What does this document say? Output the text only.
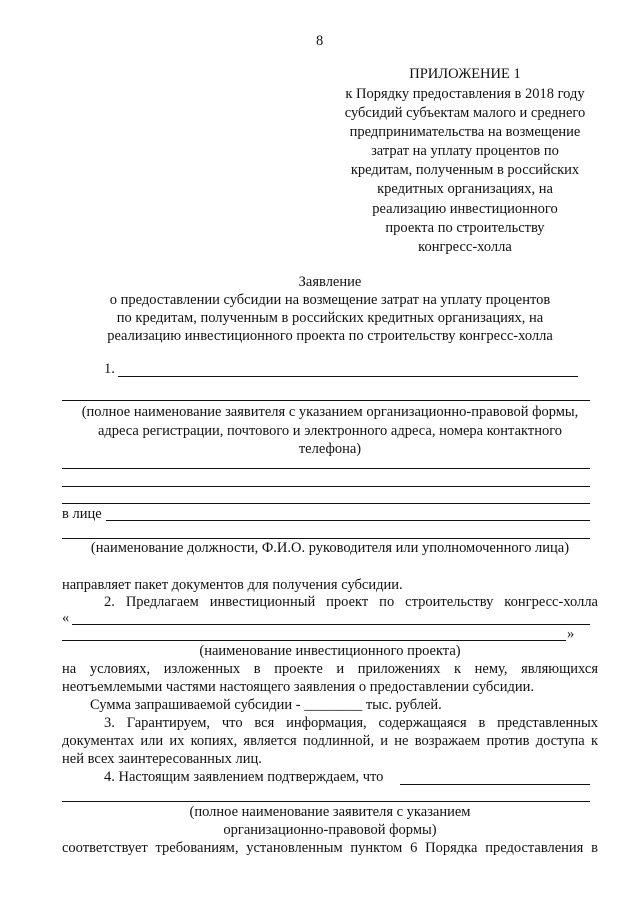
8
ПРИЛОЖЕНИЕ 1
к Порядку предоставления в 2018 году
субсидий субъектам малого и среднего
предпринимательства на возмещение
затрат на уплату процентов по
кредитам, полученным в российских
кредитных организациях, на
реализацию инвестиционного
проекта по строительству
конгресс-холла
Заявление
о предоставлении субсидии на возмещение затрат на уплату процентов
по кредитам, полученным в российских кредитных организациях, на
реализацию инвестиционного проекта по строительству конгресс-холла
1.
(полное наименование заявителя с указанием организационно-правовой формы,
адреса регистрации, почтового и электронного адреса, номера контактного
телефона)
в лице
(наименование должности, Ф.И.О. руководителя или уполномоченного лица)
направляет пакет документов для получения субсидии.
2. Предлагаем инвестиционный проект по строительству конгресс-холла
«
»
(наименование инвестиционного проекта)
на условиях, изложенных в проекте и приложениях к нему, являющихся
неотъемлемыми частями настоящего заявления о предоставлении субсидии.
Сумма запрашиваемой субсидии - ________ тыс. рублей.
3. Гарантируем, что вся информация, содержащаяся в представленных
документах или их копиях, является подлинной, и не возражаем против доступа к
ней всех заинтересованных лиц.
4. Настоящим заявлением подтверждаем, что
(полное наименование заявителя с указанием
организационно-правовой формы)
соответствует требованиям, установленным пунктом 6 Порядка предоставления в
